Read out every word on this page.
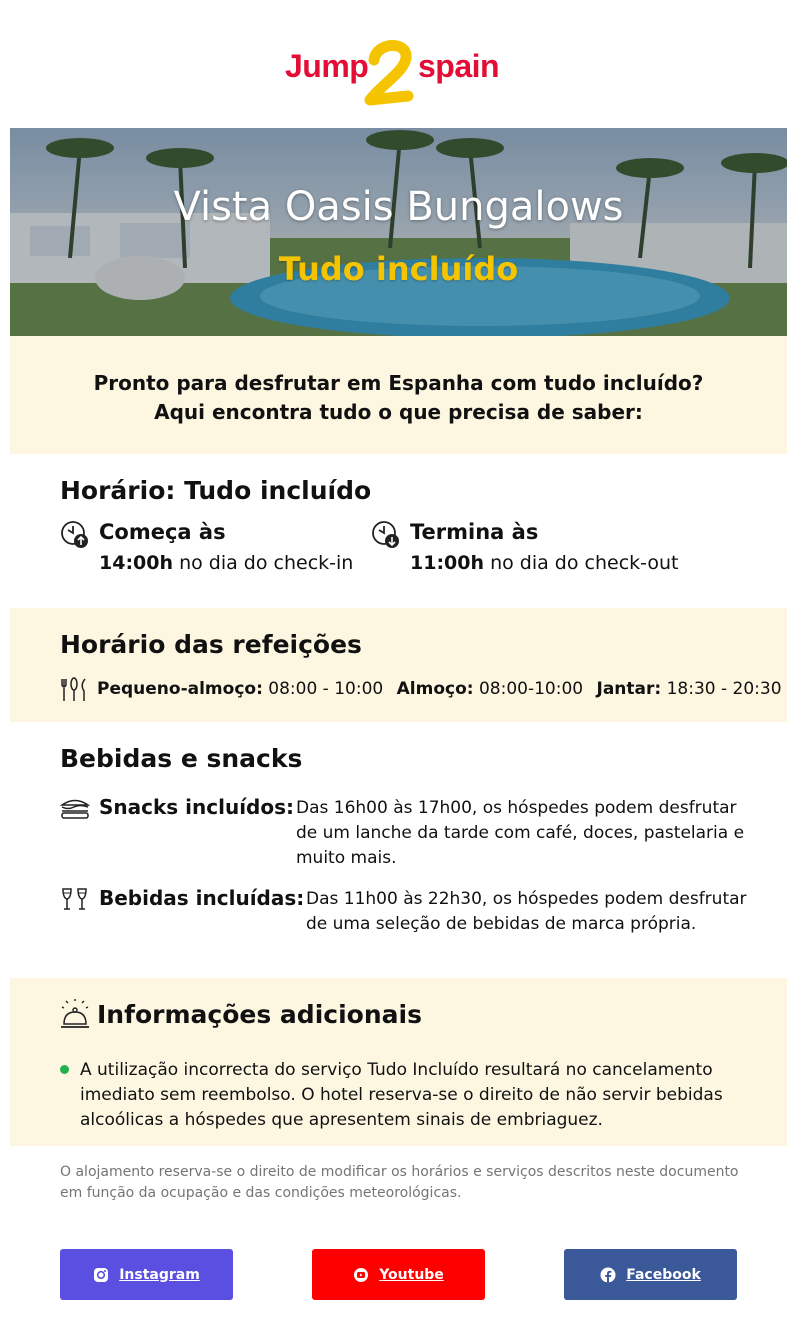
Jump spain
Vista Oasis Bungalows
Tudo incluído

Pronto para desfrutar em Espanha com tudo incluído?

Aqui encontra tudo o que precisa de saber:

Horário: Tudo incluído
Começa às
14:00h no dia do check-in
Termina às
11:00h no dia do check-out
Horário das refeições
Pequeno-almoço: 08:00 - 10:00 Almoço: 08:00-10:00 Jantar: 18:30 - 20:30
Bebidas e snacks
Snacks incluídos: Das 16h00 às 17h00, os hóspedes podem desfrutar de um lanche da tarde com café, doces, pastelaria e muito mais.
Bebidas incluídas: Das 11h00 às 22h30, os hóspedes podem desfrutar de uma seleção de bebidas de marca própria.
Informações adicionais

A utilização incorrecta do serviço Tudo Incluído resultará no cancelamento imediato sem reembolso. O hotel reserva-se o direito de não servir bebidas alcoólicas a hóspedes que apresentem sinais de embriaguez.

O alojamento reserva-se o direito de modificar os horários e serviços descritos neste documento em função da ocupação e das condições meteorológicas.
Instagram	Youtube	Facebook
